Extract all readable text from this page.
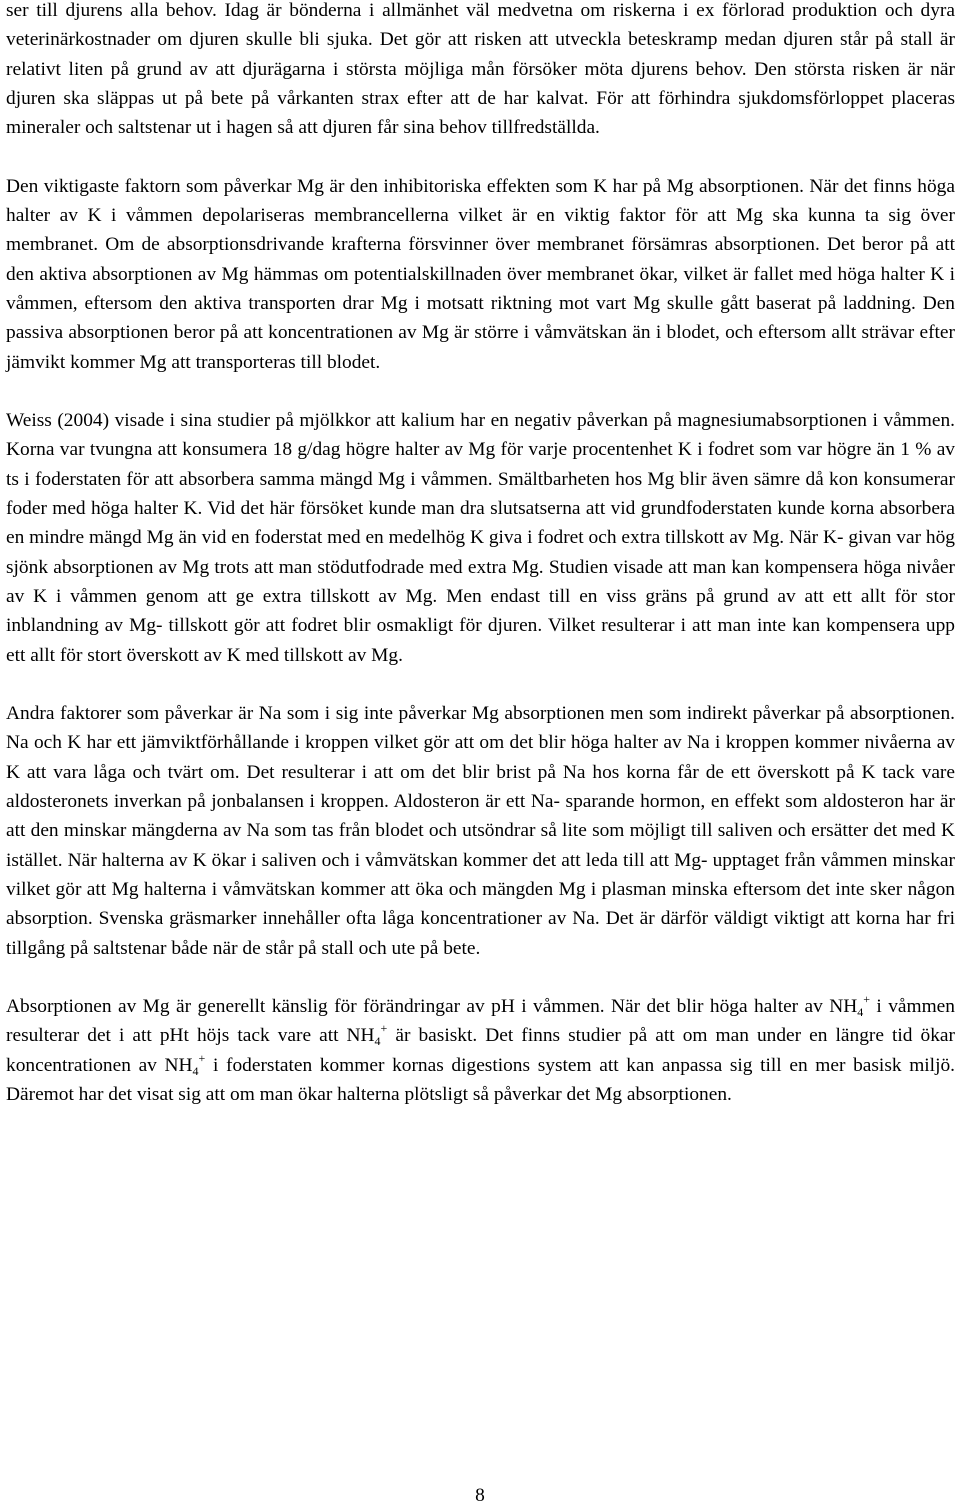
ser till djurens alla behov. Idag är bönderna i allmänhet väl medvetna om riskerna i ex förlorad produktion och dyra veterinärkostnader om djuren skulle bli sjuka. Det gör att risken att utveckla beteskramp medan djuren står på stall är relativt liten på grund av att djurägarna i största möjliga mån försöker möta djurens behov. Den största risken är när djuren ska släppas ut på bete på vårkanten strax efter att de har kalvat. För att förhindra sjukdomsförloppet placeras mineraler och saltstenar ut i hagen så att djuren får sina behov tillfredställda.

Den viktigaste faktorn som påverkar Mg är den inhibitoriska effekten som K har på Mg absorptionen. När det finns höga halter av K i våmmen depolariseras membrancellerna vilket är en viktig faktor för att Mg ska kunna ta sig över membranet. Om de absorptionsdrivande krafterna försvinner över membranet försämras absorptionen. Det beror på att den aktiva absorptionen av Mg hämmas om potentialskillnaden över membranet ökar, vilket är fallet med höga halter K i våmmen, eftersom den aktiva transporten drar Mg i motsatt riktning mot vart Mg skulle gått baserat på laddning. Den passiva absorptionen beror på att koncentrationen av Mg är större i våmvätskan än i blodet, och eftersom allt strävar efter jämvikt kommer Mg att transporteras till blodet.

Weiss (2004) visade i sina studier på mjölkkor att kalium har en negativ påverkan på magnesiumabsorptionen i våmmen. Korna var tvungna att konsumera 18 g/dag högre halter av Mg för varje procentenhet K i fodret som var högre än 1 % av ts i foderstaten för att absorbera samma mängd Mg i våmmen. Smältbarheten hos Mg blir även sämre då kon konsumerar foder med höga halter K. Vid det här försöket kunde man dra slutsatserna att vid grundfoderstaten kunde korna absorbera en mindre mängd Mg än vid en foderstat med en medelhög K giva i fodret och extra tillskott av Mg. När K- givan var hög sjönk absorptionen av Mg trots att man stödutfodrade med extra Mg. Studien visade att man kan kompensera höga nivåer av K i våmmen genom att ge extra tillskott av Mg. Men endast till en viss gräns på grund av att ett allt för stor inblandning av Mg- tillskott gör att fodret blir osmakligt för djuren. Vilket resulterar i att man inte kan kompensera upp ett allt för stort överskott av K med tillskott av Mg.

Andra faktorer som påverkar är Na som i sig inte påverkar Mg absorptionen men som indirekt påverkar på absorptionen. Na och K har ett jämviktförhållande i kroppen vilket gör att om det blir höga halter av Na i kroppen kommer nivåerna av K att vara låga och tvärt om. Det resulterar i att om det blir brist på Na hos korna får de ett överskott på K tack vare aldosteronets inverkan på jonbalansen i kroppen. Aldosteron är ett Na- sparande hormon, en effekt som aldosteron har är att den minskar mängderna av Na som tas från blodet och utsöndrar så lite som möjligt till saliven och ersätter det med K istället. När halterna av K ökar i saliven och i våmvätskan kommer det att leda till att Mg- upptaget från våmmen minskar vilket gör att Mg halterna i våmvätskan kommer att öka och mängden Mg i plasman minska eftersom det inte sker någon absorption. Svenska gräsmarker innehåller ofta låga koncentrationer av Na. Det är därför väldigt viktigt att korna har fri tillgång på saltstenar både när de står på stall och ute på bete.

Absorptionen av Mg är generellt känslig för förändringar av pH i våmmen. När det blir höga halter av $NH_4^+$ i våmmen resulterar det i att pHt höjs tack vare att $NH_4^+$ är basiskt. Det finns studier på att om man under en längre tid ökar koncentrationen av $NH_4^+$ i foderstaten kommer kornas digestions system att kan anpassa sig till en mer basisk miljö. Däremot har det visat sig att om man ökar halterna plötsligt så påverkar det Mg absorptionen.

8
